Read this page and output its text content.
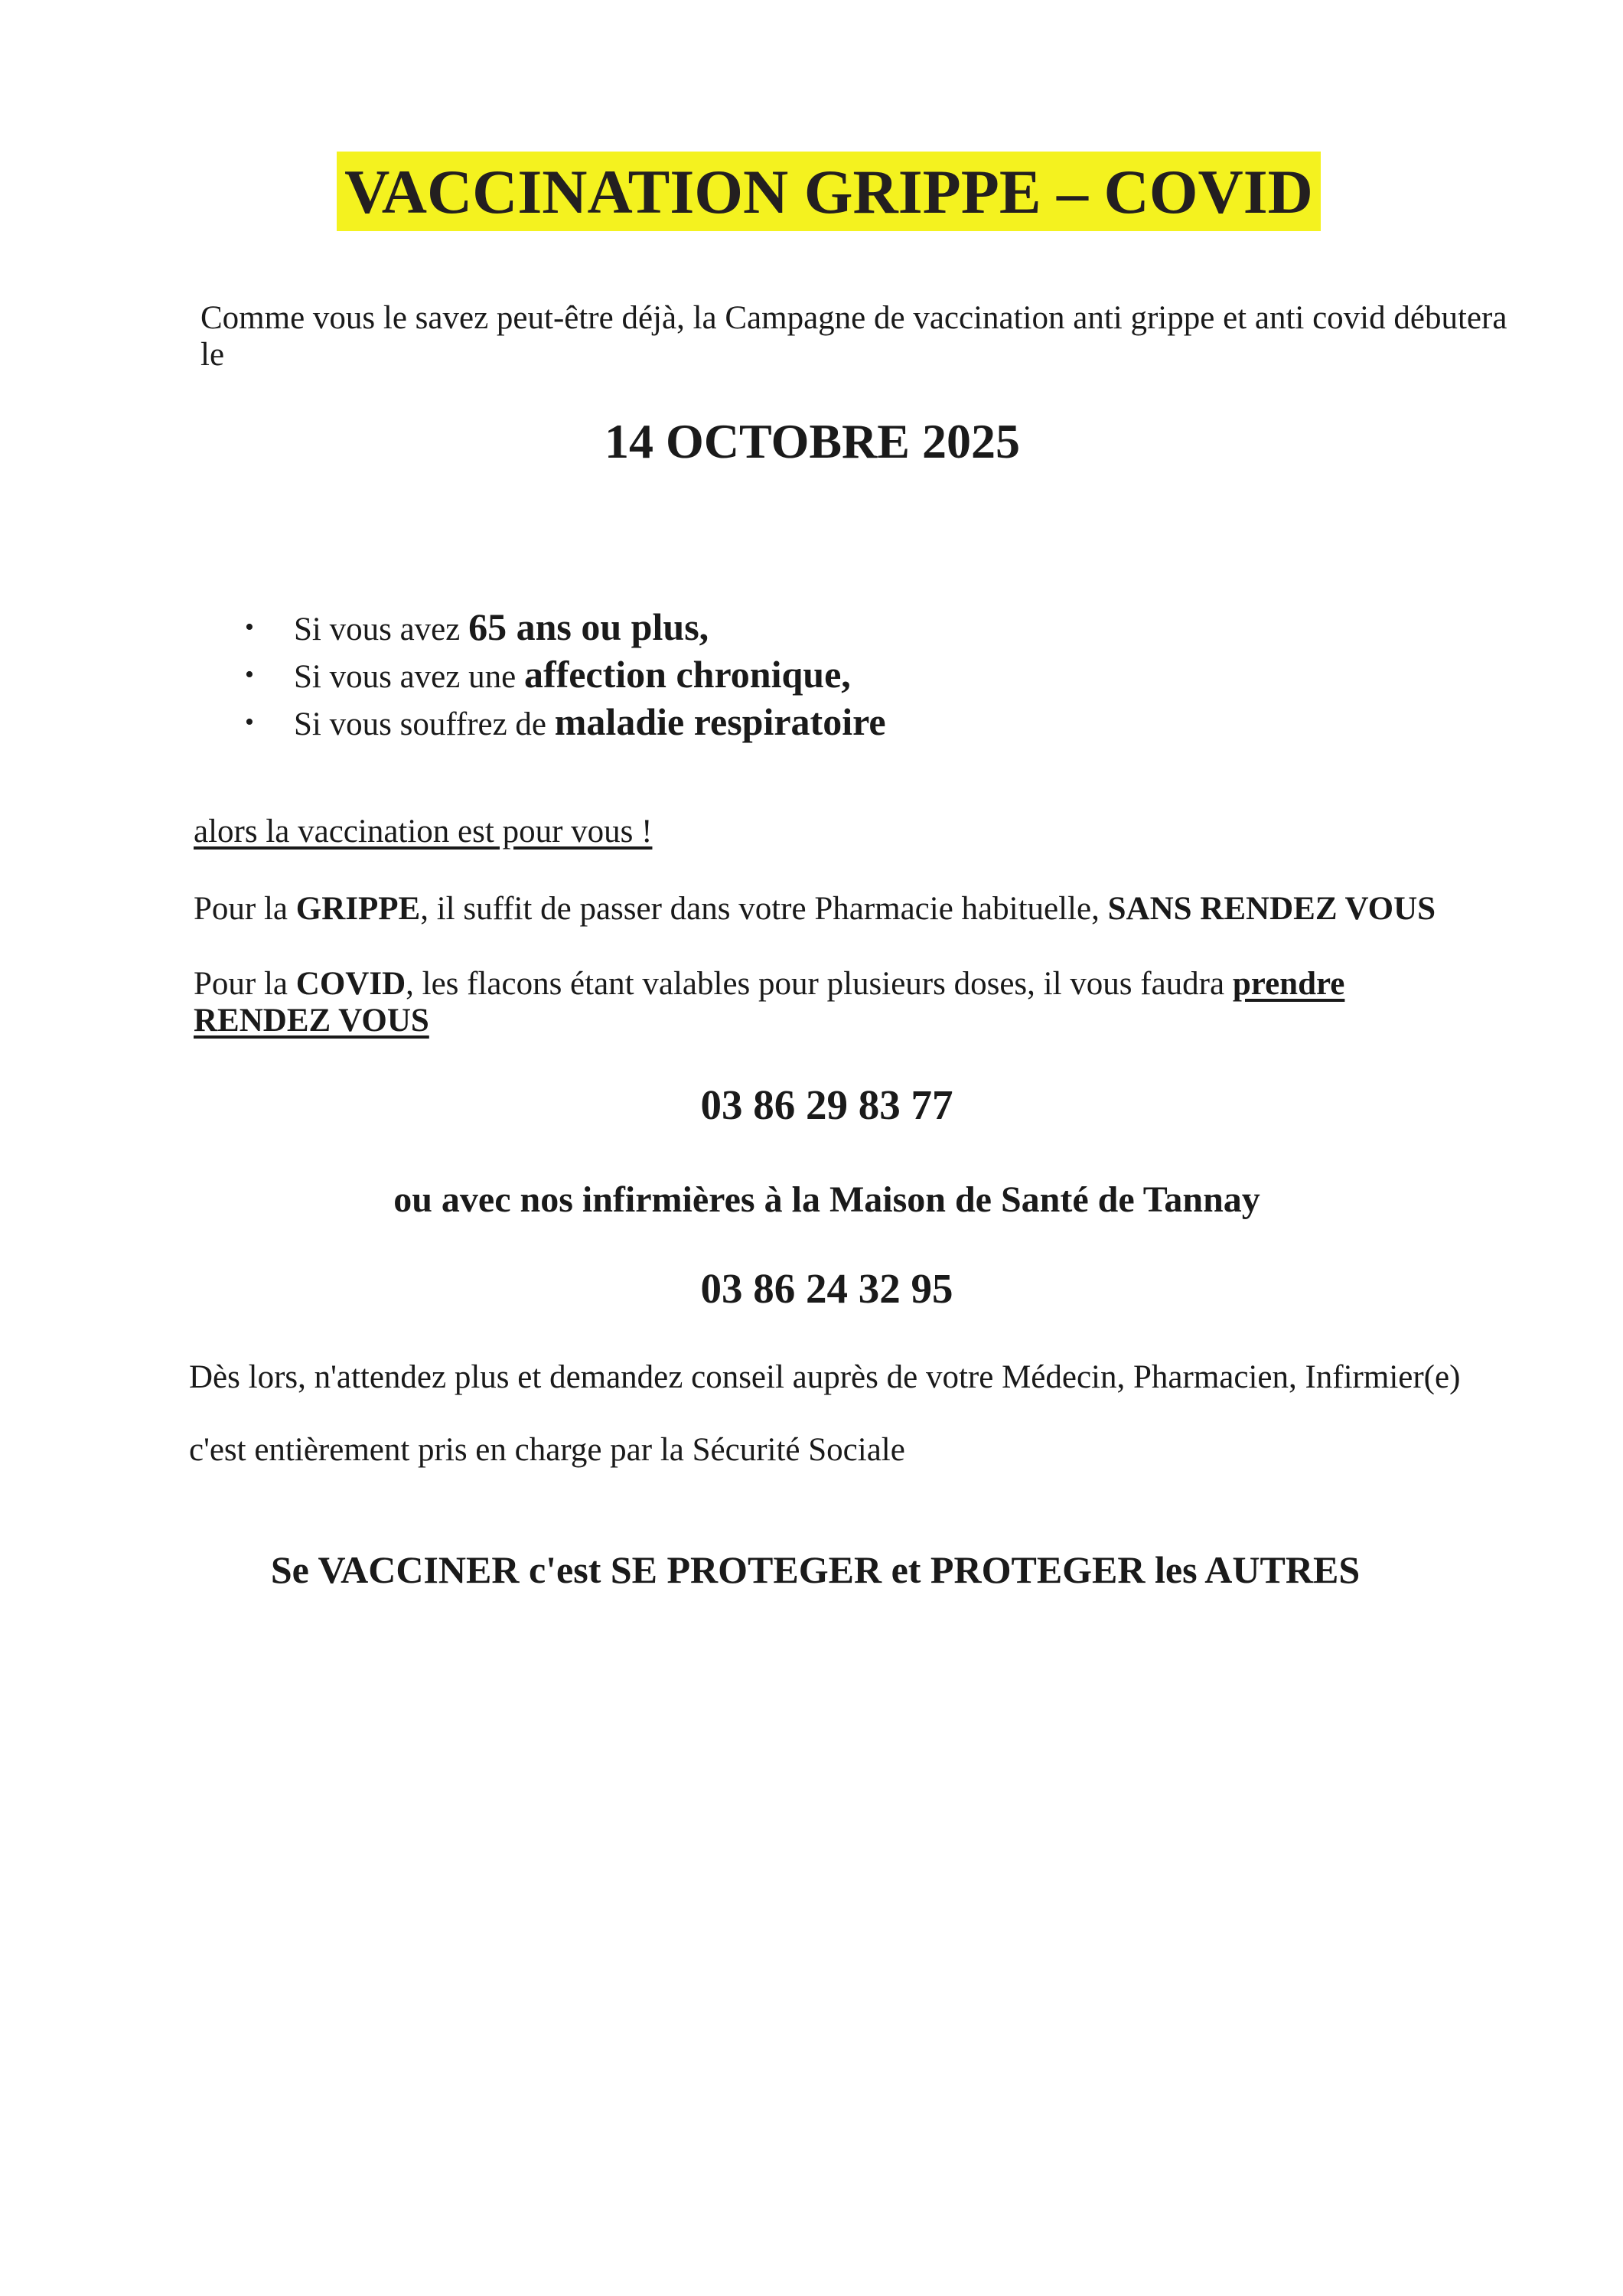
VACCINATION GRIPPE – COVID

Comme vous le savez peut-être déjà, la Campagne de vaccination anti grippe et anti covid débutera le

14 OCTOBRE 2025
• Si vous avez 65 ans ou plus,
• Si vous avez une affection chronique,
• Si vous souffrez de maladie respiratoire

alors la vaccination est pour vous !

Pour la GRIPPE, il suffit de passer dans votre Pharmacie habituelle, SANS RENDEZ VOUS

Pour la COVID, les flacons étant valables pour plusieurs doses, il vous faudra prendre RENDEZ VOUS

03 86 29 83 77
ou avec nos infirmières à la Maison de Santé de Tannay
03 86 24 32 95

Dès lors, n'attendez plus et demandez conseil auprès de votre Médecin, Pharmacien, Infirmier(e)

c'est entièrement pris en charge par la Sécurité Sociale

Se VACCINER c'est SE PROTEGER et PROTEGER les AUTRES
